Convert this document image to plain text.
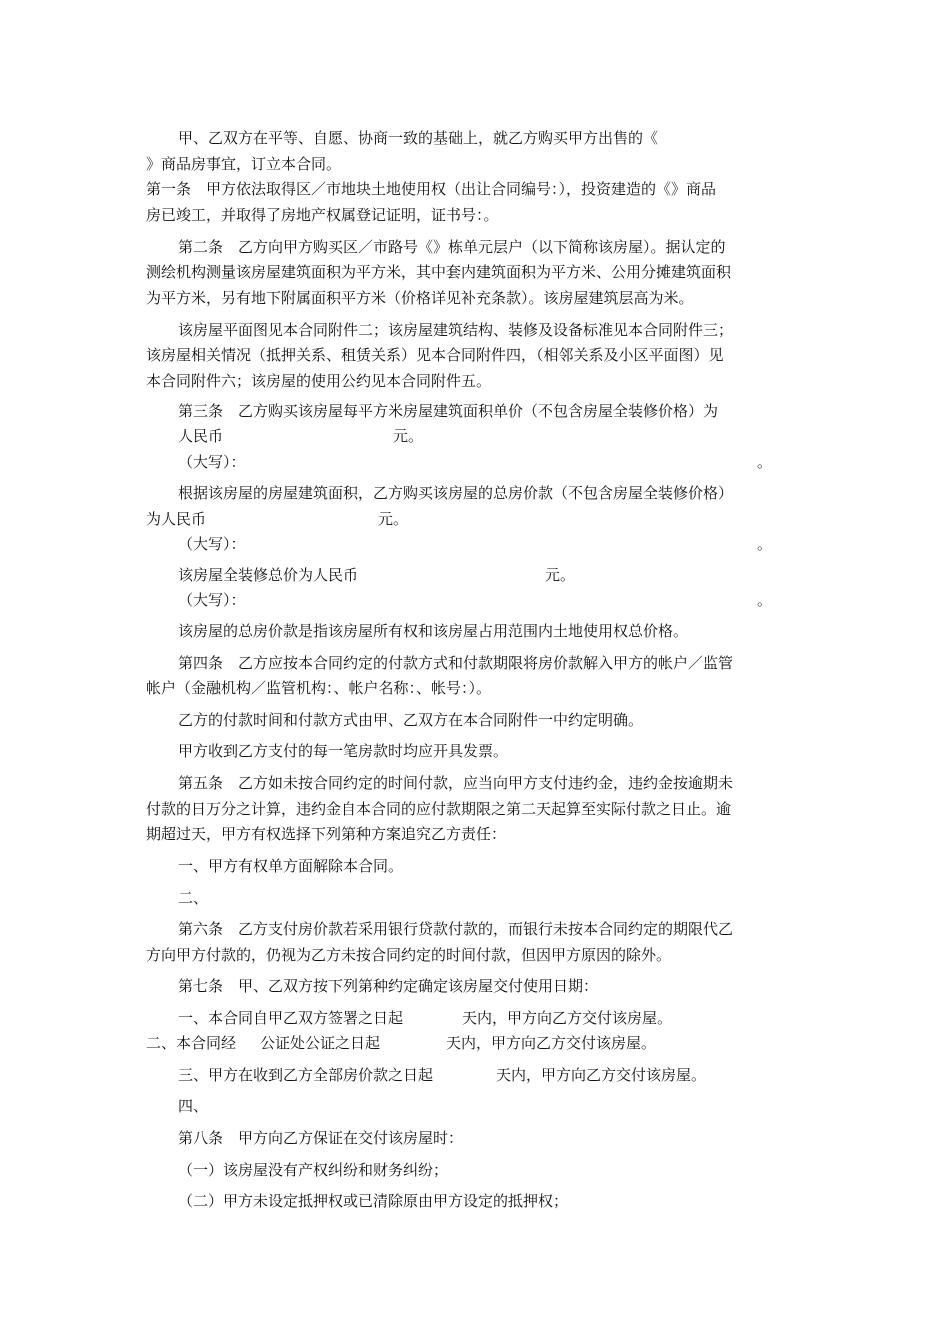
甲、乙双方在平等、自愿、协商一致的基础上，就乙方购买甲方出售的《
》商品房事宜，订立本合同。
第一条　甲方依法取得区／市地块土地使用权（出让合同编号：），投资建造的《》商品
房已竣工，并取得了房地产权属登记证明，证书号：。
第二条　乙方向甲方购买区／市路号《》栋单元层户（以下简称该房屋）。据认定的
测绘机构测量该房屋建筑面积为平方米，其中套内建筑面积为平方米、公用分摊建筑面积
为平方米，另有地下附属面积平方米（价格详见补充条款）。该房屋建筑层高为米。
该房屋平面图见本合同附件二；该房屋建筑结构、装修及设备标准见本合同附件三；
该房屋相关情况（抵押关系、租赁关系）见本合同附件四，（相邻关系及小区平面图）见
本合同附件六；该房屋的使用公约见本合同附件五。
第三条　乙方购买该房屋每平方米房屋建筑面积单价（不包含房屋全装修价格）为
人民币	元。
（大写）：	。
根据该房屋的房屋建筑面积，乙方购买该房屋的总房价款（不包含房屋全装修价格）
为人民币	元。
（大写）：	。
该房屋全装修总价为人民币	元。
（大写）：	。
该房屋的总房价款是指该房屋所有权和该房屋占用范围内土地使用权总价格。
第四条　乙方应按本合同约定的付款方式和付款期限将房价款解入甲方的帐户／监管
帐户（金融机构／监管机构：、帐户名称：、帐号：）。
乙方的付款时间和付款方式由甲、乙双方在本合同附件一中约定明确。
甲方收到乙方支付的每一笔房款时均应开具发票。
第五条　乙方如未按合同约定的时间付款，应当向甲方支付违约金，违约金按逾期未
付款的日万分之计算，违约金自本合同的应付款期限之第二天起算至实际付款之日止。逾
期超过天，甲方有权选择下列第种方案追究乙方责任：
一、甲方有权单方面解除本合同。
二、
第六条　乙方支付房价款若采用银行贷款付款的，而银行未按本合同约定的期限代乙
方向甲方付款的，仍视为乙方未按合同约定的时间付款，但因甲方原因的除外。
第七条　甲、乙双方按下列第种约定确定该房屋交付使用日期：
一、本合同自甲乙双方签署之日起	天内，甲方向乙方交付该房屋。
二、本合同经 公证处公证之日起	天内，甲方向乙方交付该房屋。
三、甲方在收到乙方全部房价款之日起	天内，甲方向乙方交付该房屋。
四、
第八条　甲方向乙方保证在交付该房屋时：
（一）该房屋没有产权纠纷和财务纠纷；
（二）甲方未设定抵押权或已清除原由甲方设定的抵押权；
